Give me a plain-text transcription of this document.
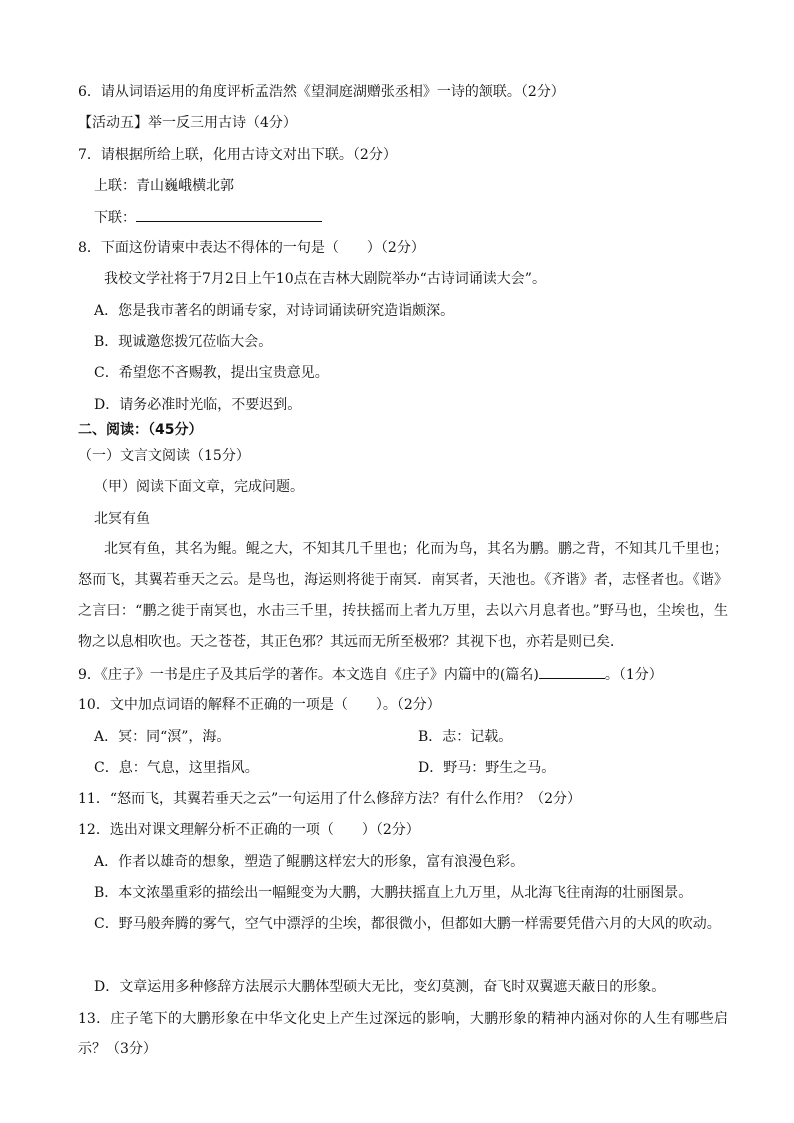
6．请从词语运用的角度评析孟浩然《望洞庭湖赠张丞相》一诗的颔联。（2分）
【活动五】举一反三用古诗（4分）
7．请根据所给上联，化用古诗文对出下联。（2分）
上联：青山巍峨横北郭
下联：
8．下面这份请柬中表达不得体的一句是（　　）（2分）
我校文学社将于7月2日上午10点在吉林大剧院举办“古诗词诵读大会”。
A．您是我市著名的朗诵专家，对诗词诵读研究造诣颇深。
B．现诚邀您拨冗莅临大会。
C．希望您不吝赐教，提出宝贵意见。
D．请务必准时光临，不要迟到。
二、阅读：（45分）
（一）文言文阅读（15分）
（甲）阅读下面文章，完成问题。
北冥有鱼
北冥有鱼，其名为鲲。鲲之大，不知其几千里也；化而为鸟，其名为鹏。鹏之背，不知其几千里也；怒而飞，其翼若垂天之云。是鸟也，海运则将徙于南冥．南冥者，天池也。《齐谐》者，志怪者也。《谐》之言曰：“鹏之徙于南冥也，水击三千里，抟扶摇而上者九万里，去以六月息者也。”野马也，尘埃也，生物之以息相吹也。天之苍苍，其正色邪？其远而无所至极邪？其视下也，亦若是则已矣．
9．《庄子》一书是庄子及其后学的著作。本文选自《庄子》内篇中的(篇名)	。（1分）
10．文中加点词语的解释不正确的一项是（　　）。（2分）
A．冥：同“溟”，海。	B．志：记载。
C．息：气息，这里指风。	D．野马：野生之马。
11．“怒而飞，其翼若垂天之云”一句运用了什么修辞方法？有什么作用？（2分）
12．选出对课文理解分析不正确的一项（　　）（2分）
A．作者以雄奇的想象，塑造了鲲鹏这样宏大的形象，富有浪漫色彩。
B．本文浓墨重彩的描绘出一幅鲲变为大鹏，大鹏扶摇直上九万里，从北海飞往南海的壮丽图景。
C．野马般奔腾的雾气，空气中漂浮的尘埃，都很微小，但都如大鹏一样需要凭借六月的大风的吹动。
D．文章运用多种修辞方法展示大鹏体型硕大无比，变幻莫测，奋飞时双翼遮天蔽日的形象。
13．庄子笔下的大鹏形象在中华文化史上产生过深远的影响，大鹏形象的精神内涵对你的人生有哪些启示？（3分）
